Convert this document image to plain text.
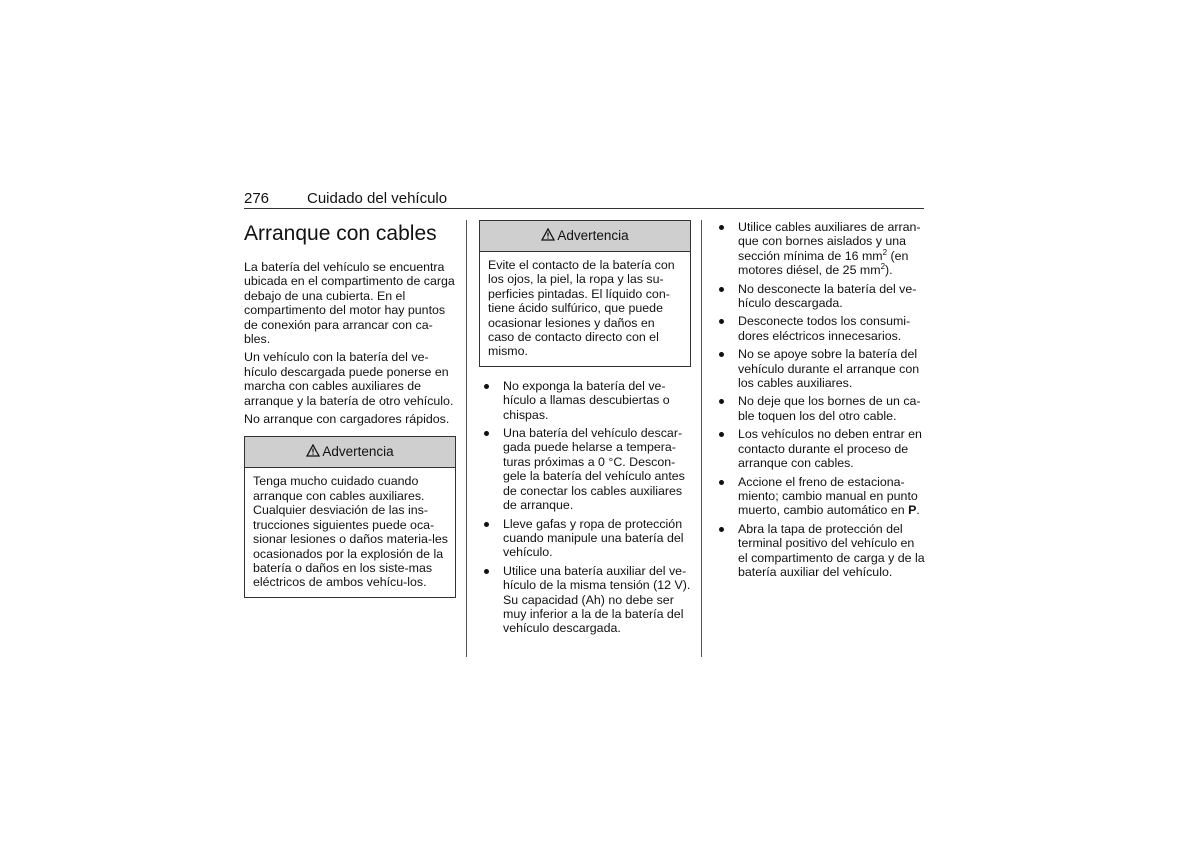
276	Cuidado del vehículo
Arranque con cables

La batería del vehículo se encuentra ubicada en el compartimento de carga debajo de una cubierta. En el compartimento del motor hay puntos de conexión para arrancar con ca-bles.

Un vehículo con la batería del ve-hículo descargada puede ponerse en marcha con cables auxiliares de arranque y la batería de otro vehículo.

No arranque con cargadores rápidos.

Advertencia
Tenga mucho cuidado cuando arranque con cables auxiliares. Cualquier desviación de las ins-trucciones siguientes puede oca-sionar lesiones o daños materia-les ocasionados por la explosión de la batería o daños en los siste-mas eléctricos de ambos vehícu-los.
Advertencia
Evite el contacto de la batería con los ojos, la piel, la ropa y las su-perficies pintadas. El líquido con-tiene ácido sulfúrico, que puede ocasionar lesiones y daños en caso de contacto directo con el mismo.
No exponga la batería del ve-hículo a llamas descubiertas o chispas.
Una batería del vehículo descar-gada puede helarse a tempera-turas próximas a 0 °C. Descon-gele la batería del vehículo antes de conectar los cables auxiliares de arranque.
Lleve gafas y ropa de protección cuando manipule una batería del vehículo.
Utilice una batería auxiliar del ve-hículo de la misma tensión (12 V). Su capacidad (Ah) no debe ser muy inferior a la de la batería del vehículo descargada.
Utilice cables auxiliares de arran-que con bornes aislados y una sección mínima de 16 $mm^2$ (en motores diésel, de 25 $mm^2$).
No desconecte la batería del ve-hículo descargada.
Desconecte todos los consumi-dores eléctricos innecesarios.
No se apoye sobre la batería del vehículo durante el arranque con los cables auxiliares.
No deje que los bornes de un ca-ble toquen los del otro cable.
Los vehículos no deben entrar en contacto durante el proceso de arranque con cables.
Accione el freno de estaciona-miento; cambio manual en punto muerto, cambio automático en P.
Abra la tapa de protección del terminal positivo del vehículo en el compartimento de carga y de la batería auxiliar del vehículo.
